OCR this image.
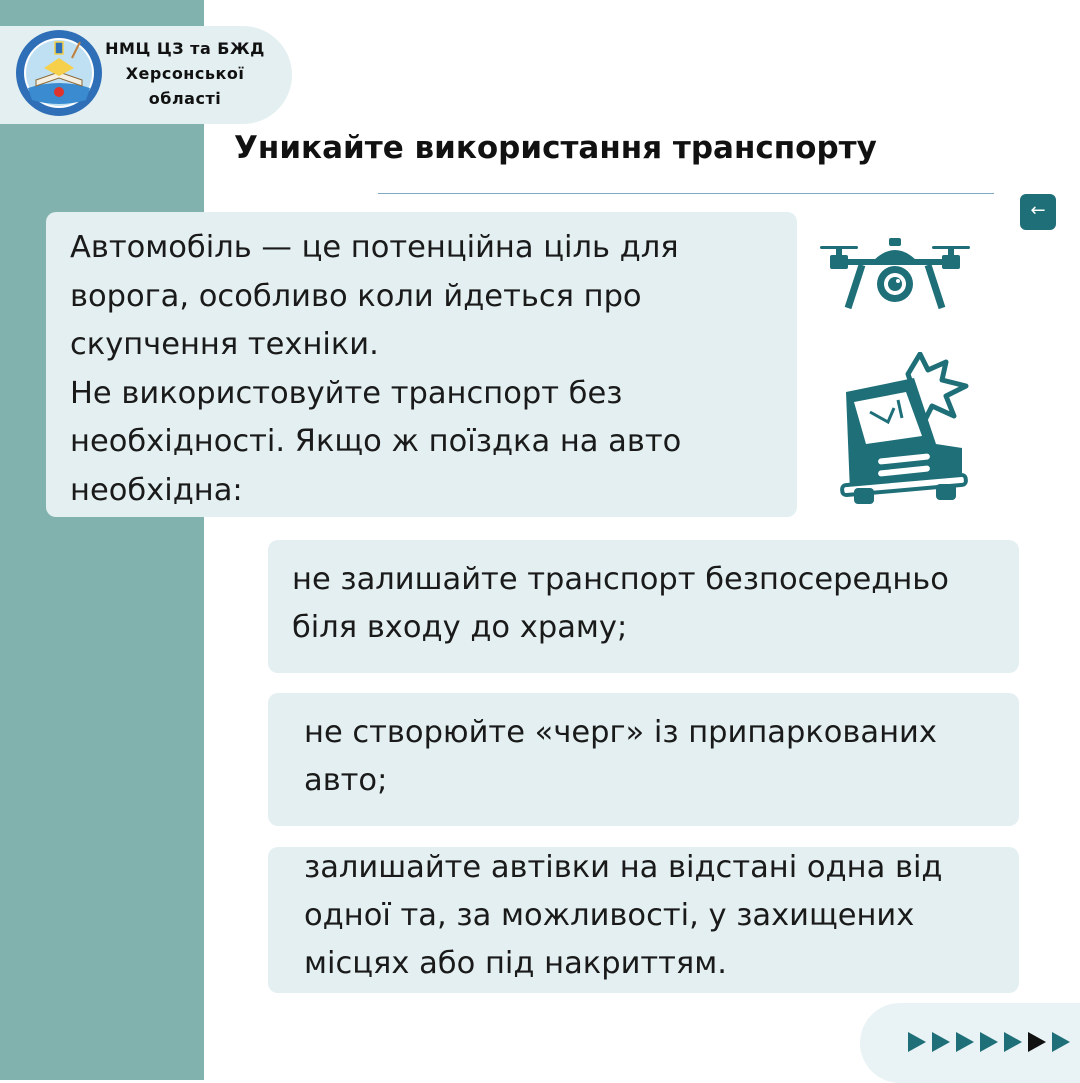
НМЦ ЦЗ та БЖД
Херсонської
області
Уникайте використання транспорту
←
Автомобіль — це потенційна ціль для ворога, особливо коли йдеться про скупчення техніки.
Не використовуйте транспорт без необхідності. Якщо ж поїздка на авто необхідна:
не залишайте транспорт безпосередньо біля входу до храму;
не створюйте «черг» із припаркованих авто;
залишайте автівки на відстані одна від одної та, за можливості, у захищених місцях або під накриттям.
